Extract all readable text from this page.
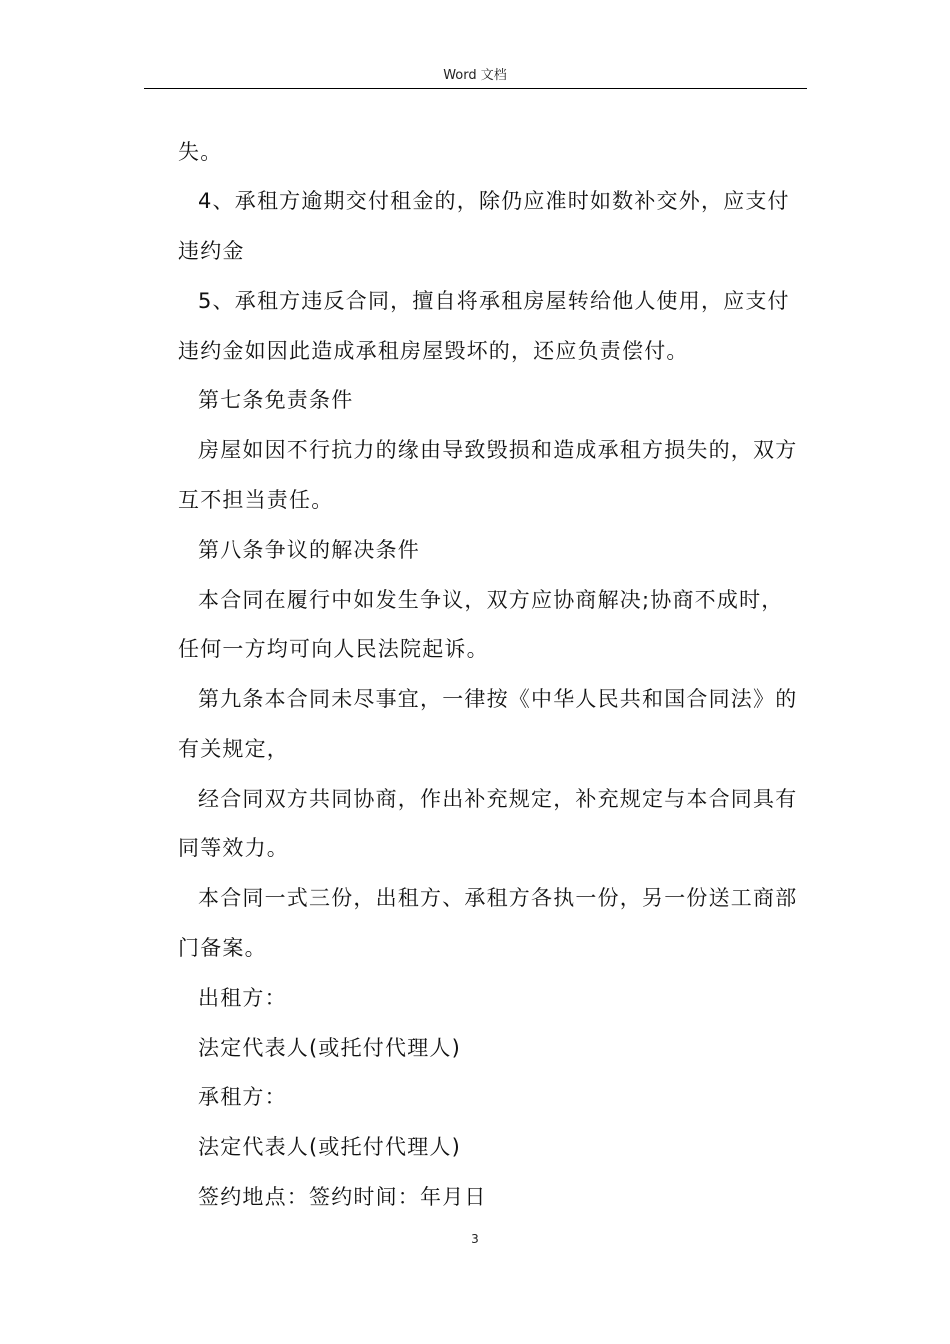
Word 文档
失。
4、承租方逾期交付租金的，除仍应准时如数补交外，应支付
违约金
5、承租方违反合同，擅自将承租房屋转给他人使用，应支付
违约金如因此造成承租房屋毁坏的，还应负责偿付。
第七条免责条件
房屋如因不行抗力的缘由导致毁损和造成承租方损失的，双方
互不担当责任。
第八条争议的解决条件
本合同在履行中如发生争议，双方应协商解决;协商不成时，
任何一方均可向人民法院起诉。
第九条本合同未尽事宜，一律按《中华人民共和国合同法》的
有关规定，
经合同双方共同协商，作出补充规定，补充规定与本合同具有
同等效力。
本合同一式三份，出租方、承租方各执一份，另一份送工商部
门备案。
出租方：
法定代表人(或托付代理人)
承租方：
法定代表人(或托付代理人)
签约地点：签约时间：年月日
3
